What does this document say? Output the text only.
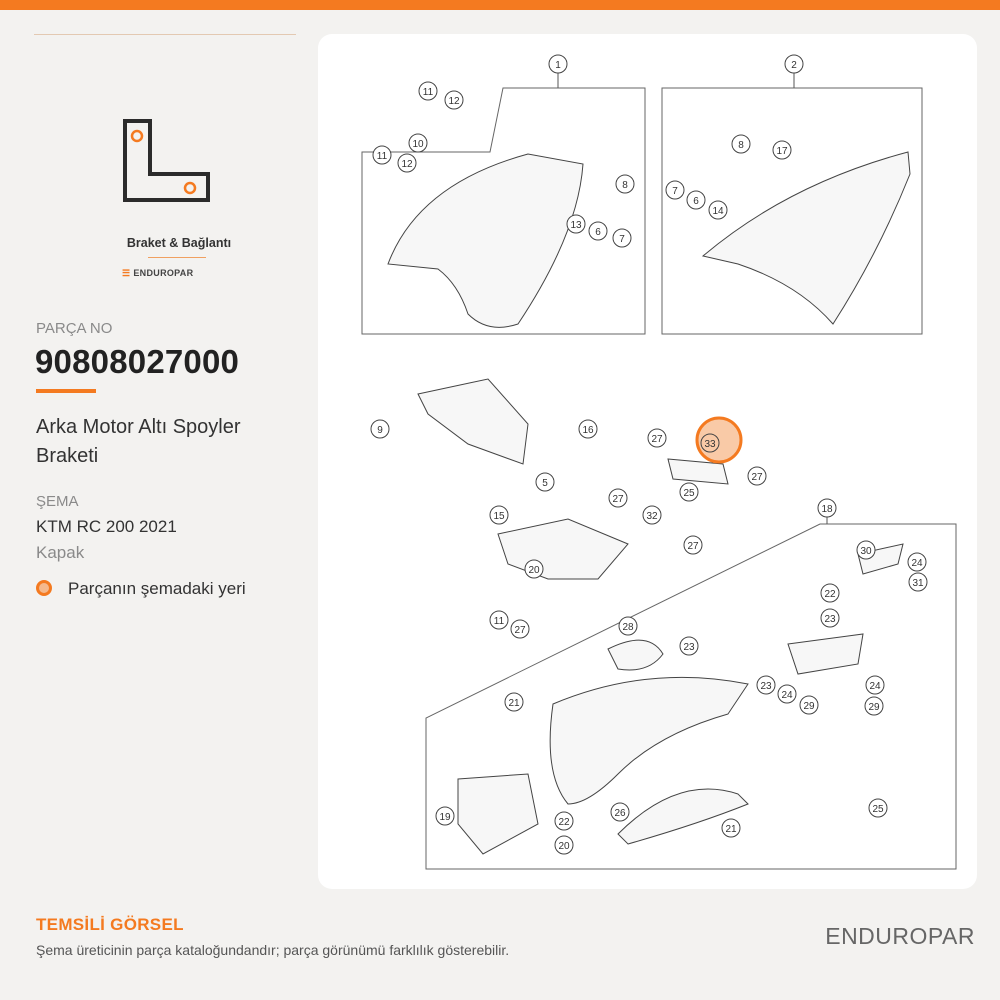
Braket & Bağlantı
☰ ENDUROPAR
PARÇA NO
90808027000
Arka Motor Altı Spoyler Braketi
ŞEMA
KTM RC 200 2021
Kapak
Parçanın şemadaki yeri
1	2
11
12
10
11
12
8
13
6
7
8
17
7
6
14
9	16
5
15
27
27
25
27
32
27
20
18
30
24
31
22
23
11
27	28
23
21
23
24
29
24
29
19	22
20
26
21
25
33
TEMSİLİ GÖRSEL
Şema üreticinin parça kataloğundandır; parça görünümü farklılık gösterebilir.
ENDUROPAR
